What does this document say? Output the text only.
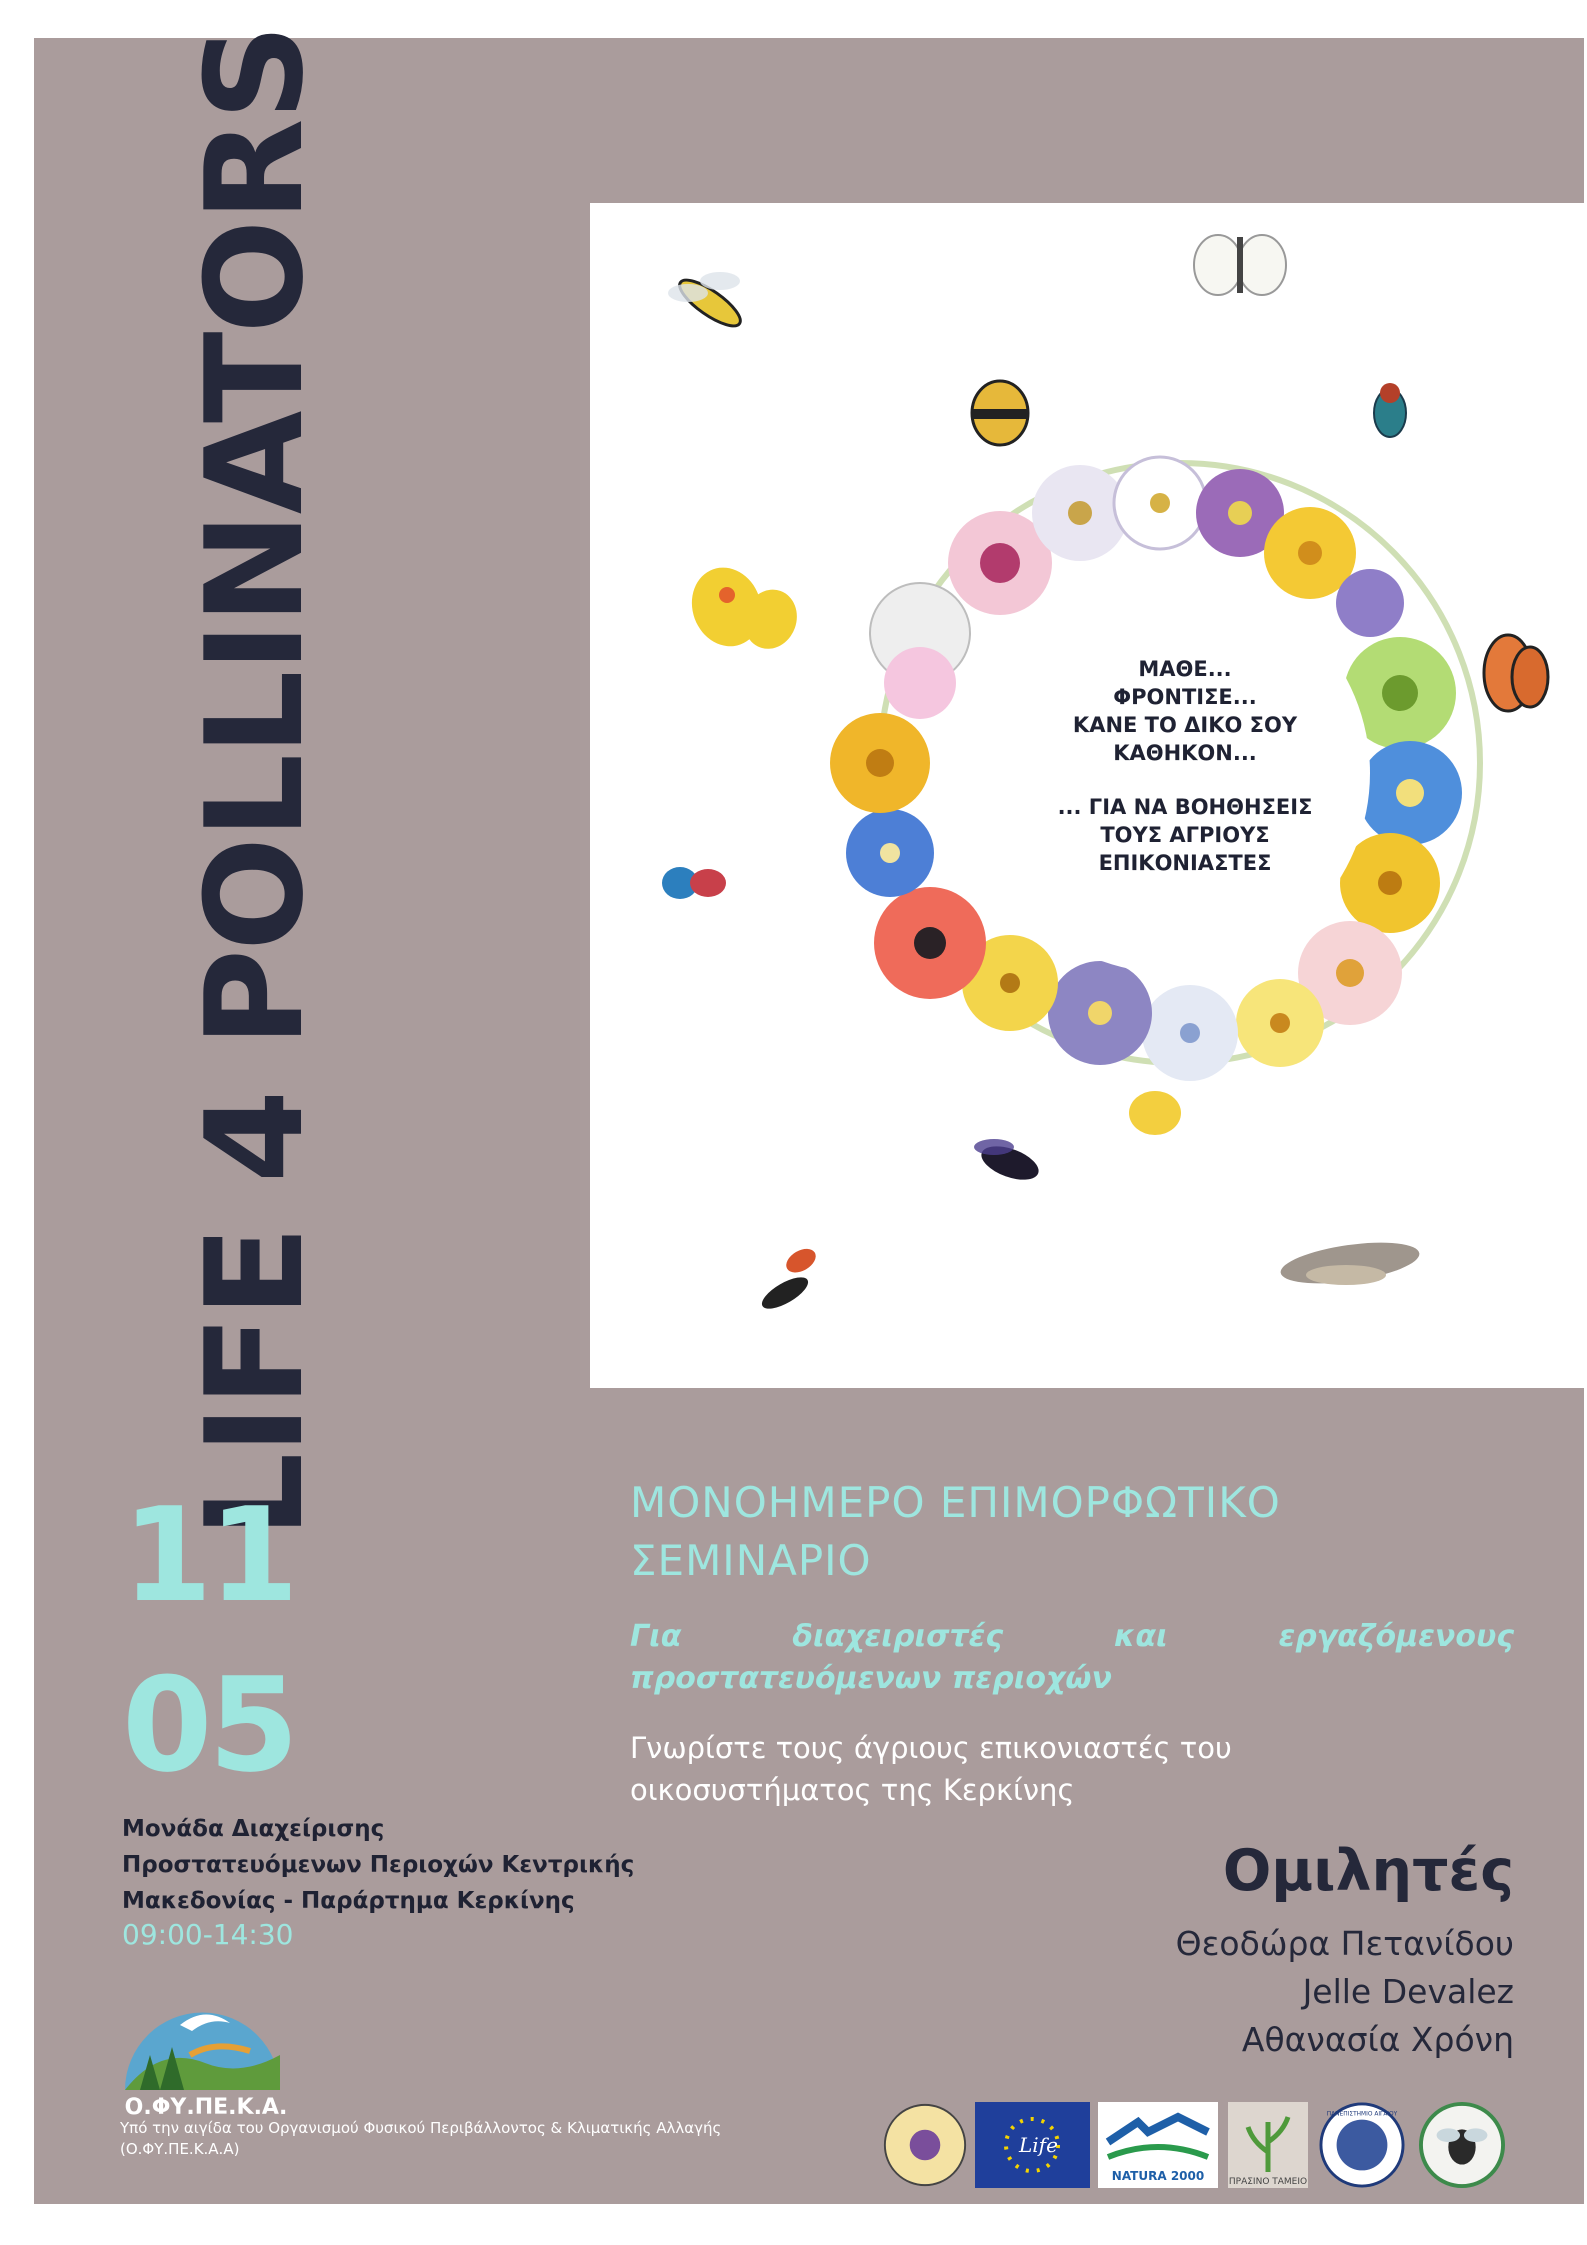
LIFE 4 POLLINATORS	ΜΑΘΕ...
ΦΡΟΝΤΙΣΕ...
ΚΑΝΕ ΤΟ ΔΙΚΟ ΣΟΥ
ΚΑΘΗΚΟΝ...
... ΓΙΑ ΝΑ ΒΟΗΘΗΣΕΙΣ
ΤΟΥΣ ΑΓΡΙΟΥΣ
ΕΠΙΚΟΝΙΑΣΤΕΣ
11
05
Μονάδα Διαχείρισης
Προστατευόμενων Περιοχών Κεντρικής
Μακεδονίας - Παράρτημα Κερκίνης
09:00-14:30
ΜΟΝΟΗΜΕΡΟ ΕΠΙΜΟΡΦΩΤΙΚΟ
ΣΕΜΙΝΑΡΙΟ
Για	διαχειριστές	και	εργαζόμενους
προστατευόμενων περιοχών
Γνωρίστε τους άγριους επικονιαστές του
οικοσυστήματος της Κερκίνης
Ομιλητές
Θεοδώρα Πετανίδου
Jelle Devalez
Αθανασία Χρόνη
Ο.ΦΥ.ΠΕ.Κ.Α.
Υπό την αιγίδα του Οργανισμού Φυσικού Περιβάλλοντος & Κλιματικής Αλλαγής
(Ο.ΦΥ.ΠΕ.Κ.Α.Α)	Life
NATURA 2000	ΠΡΑΣΙΝΟ ΤΑΜΕΙΟ
ΠΑΝΕΠΙΣΤΗΜΙΟ ΑΙΓΑΙΟΥ
